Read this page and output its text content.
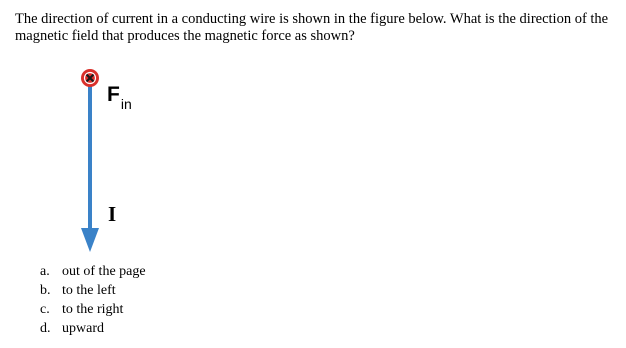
The direction of current in a conducting wire is shown in the figure below. What is the direction of the
magnetic field that produces the magnetic force as shown?
$F_{in}$
I
a. out of the page
b. to the left
c. to the right
d. upward
